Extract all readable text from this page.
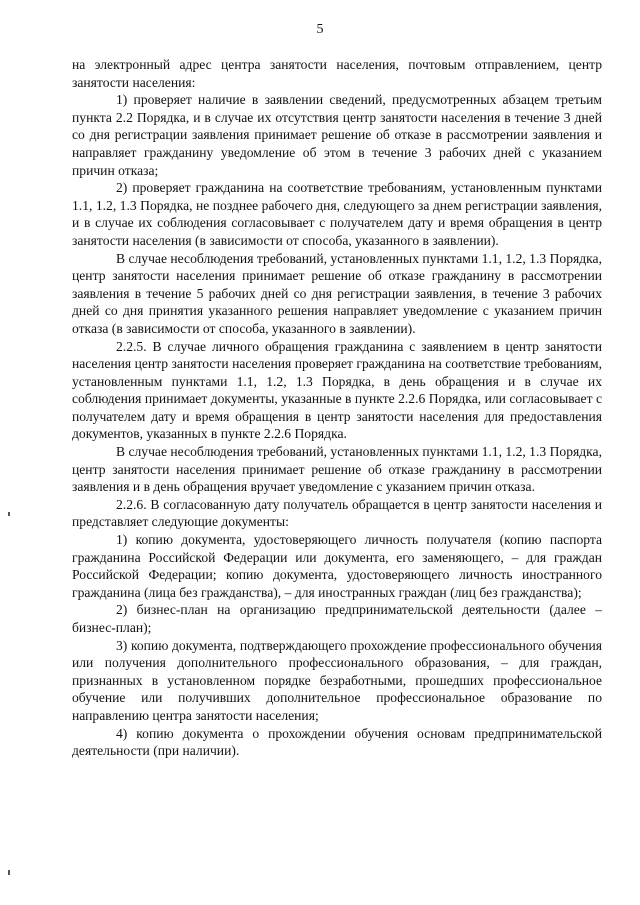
5

на электронный адрес центра занятости населения, почтовым отправлением, центр занятости населения:

1) проверяет наличие в заявлении сведений, предусмотренных абзацем третьим пункта 2.2 Порядка, и в случае их отсутствия центр занятости населения в течение 3 дней со дня регистрации заявления принимает решение об отказе в рассмотрении заявления и направляет гражданину уведомление об этом в течение 3 рабочих дней с указанием причин отказа;

2) проверяет гражданина на соответствие требованиям, установленным пунктами 1.1, 1.2, 1.3 Порядка, не позднее рабочего дня, следующего за днем регистрации заявления, и в случае их соблюдения согласовывает с получателем дату и время обращения в центр занятости населения (в зависимости от способа, указанного в заявлении).

В случае несоблюдения требований, установленных пунктами 1.1, 1.2, 1.3 Порядка, центр занятости населения принимает решение об отказе гражданину в рассмотрении заявления в течение 5 рабочих дней со дня регистрации заявления, в течение 3 рабочих дней со дня принятия указанного решения направляет уведомление с указанием причин отказа (в зависимости от способа, указанного в заявлении).

2.2.5. В случае личного обращения гражданина с заявлением в центр занятости населения центр занятости населения проверяет гражданина на соответствие требованиям, установленным пунктами 1.1, 1.2, 1.3 Порядка, в день обращения и в случае их соблюдения принимает документы, указанные в пункте 2.2.6 Порядка, или согласовывает с получателем дату и время обращения в центр занятости населения для предоставления документов, указанных в пункте 2.2.6 Порядка.

В случае несоблюдения требований, установленных пунктами 1.1, 1.2, 1.3 Порядка, центр занятости населения принимает решение об отказе гражданину в рассмотрении заявления и в день обращения вручает уведомление с указанием причин отказа.

2.2.6. В согласованную дату получатель обращается в центр занятости населения и представляет следующие документы:

1) копию документа, удостоверяющего личность получателя (копию паспорта гражданина Российской Федерации или документа, его заменяющего, – для граждан Российской Федерации; копию документа, удостоверяющего личность иностранного гражданина (лица без гражданства), – для иностранных граждан (лиц без гражданства);

2) бизнес-план на организацию предпринимательской деятельности (далее – бизнес-план);

3) копию документа, подтверждающего прохождение профессионального обучения или получения дополнительного профессионального образования, – для граждан, признанных в установленном порядке безработными, прошедших профессиональное обучение или получивших дополнительное профессиональное образование по направлению центра занятости населения;

4) копию документа о прохождении обучения основам предпринимательской деятельности (при наличии).
